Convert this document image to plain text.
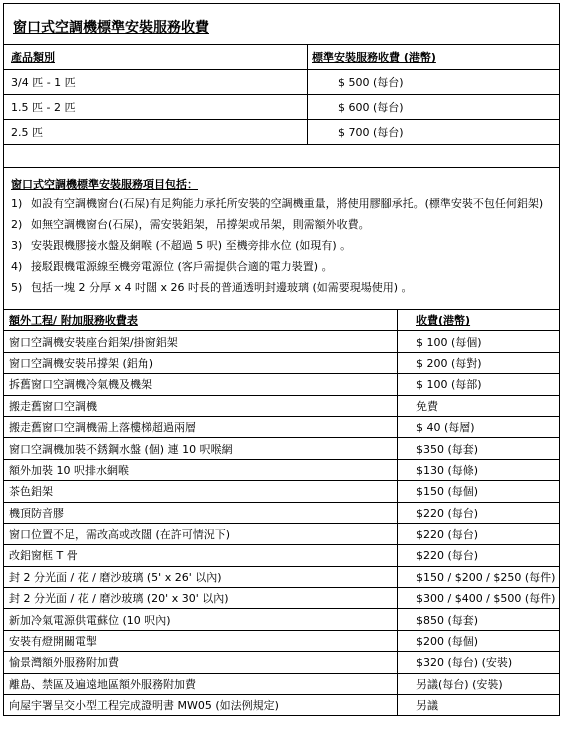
窗口式空調機標準安裝服務收費
產品類別	標準安裝服務收費 (港幣)
3/4 匹 - 1 匹	$ 500 (每台)
1.5 匹 - 2 匹	$ 600 (每台)
2.5 匹	$ 700 (每台)
窗口式空調機標準安裝服務項目包括：
1) 如設有空調機窗台(石屎)有足夠能力承托所安裝的空調機重量，將使用膠腳承托。(標準安裝不包任何鋁架)
2) 如無空調機窗台(石屎)，需安裝鋁架，吊撐架或吊架，則需額外收費。
3) 安裝跟機膠接水盤及網喉 (不超過 5 呎) 至機旁排水位 (如現有) 。
4) 接駁跟機電源線至機旁電源位 (客戶需提供合適的電力裝置) 。
5) 包括一塊 2 分厚 x 4 吋闊 x 26 吋長的普通透明封邊玻璃 (如需要現場使用) 。
額外工程/ 附加服務收費表	收費(港幣)
窗口空調機安裝座台鋁架/掛窗鋁架	$ 100 (每個)
窗口空調機安裝吊撐架 (鋁角)	$ 200 (每對)
拆舊窗口空調機冷氣機及機架	$ 100 (每部)
搬走舊窗口空調機	免費
搬走舊窗口空調機需上落樓梯超過兩層	$ 40 (每層)
窗口空調機加裝不銹鋼水盤 (個) 連 10 呎喉網	$350 (每套)
額外加裝 10 呎排水網喉	$130 (每條)
茶色鋁架	$150 (每個)
機頂防音膠	$220 (每台)
窗口位置不足，需改高或改闊 (在許可情況下)	$220 (每台)
改鋁窗框 T 骨	$220 (每台)
封 2 分光面 / 花 / 磨沙玻璃 (5' x 26' 以內)	$150 / $200 / $250 (每件)
封 2 分光面 / 花 / 磨沙玻璃 (20' x 30' 以內)	$300 / $400 / $500 (每件)
新加冷氣電源供電蘇位 (10 呎內)	$850 (每套)
安裝有燈開關電掣	$200 (每個)
愉景灣額外服務附加費	$320 (每台) (安裝)
離島、禁區及遍遠地區額外服務附加費	另議(每台) (安裝)
向屋宇署呈交小型工程完成證明書 MW05 (如法例規定)	另議
